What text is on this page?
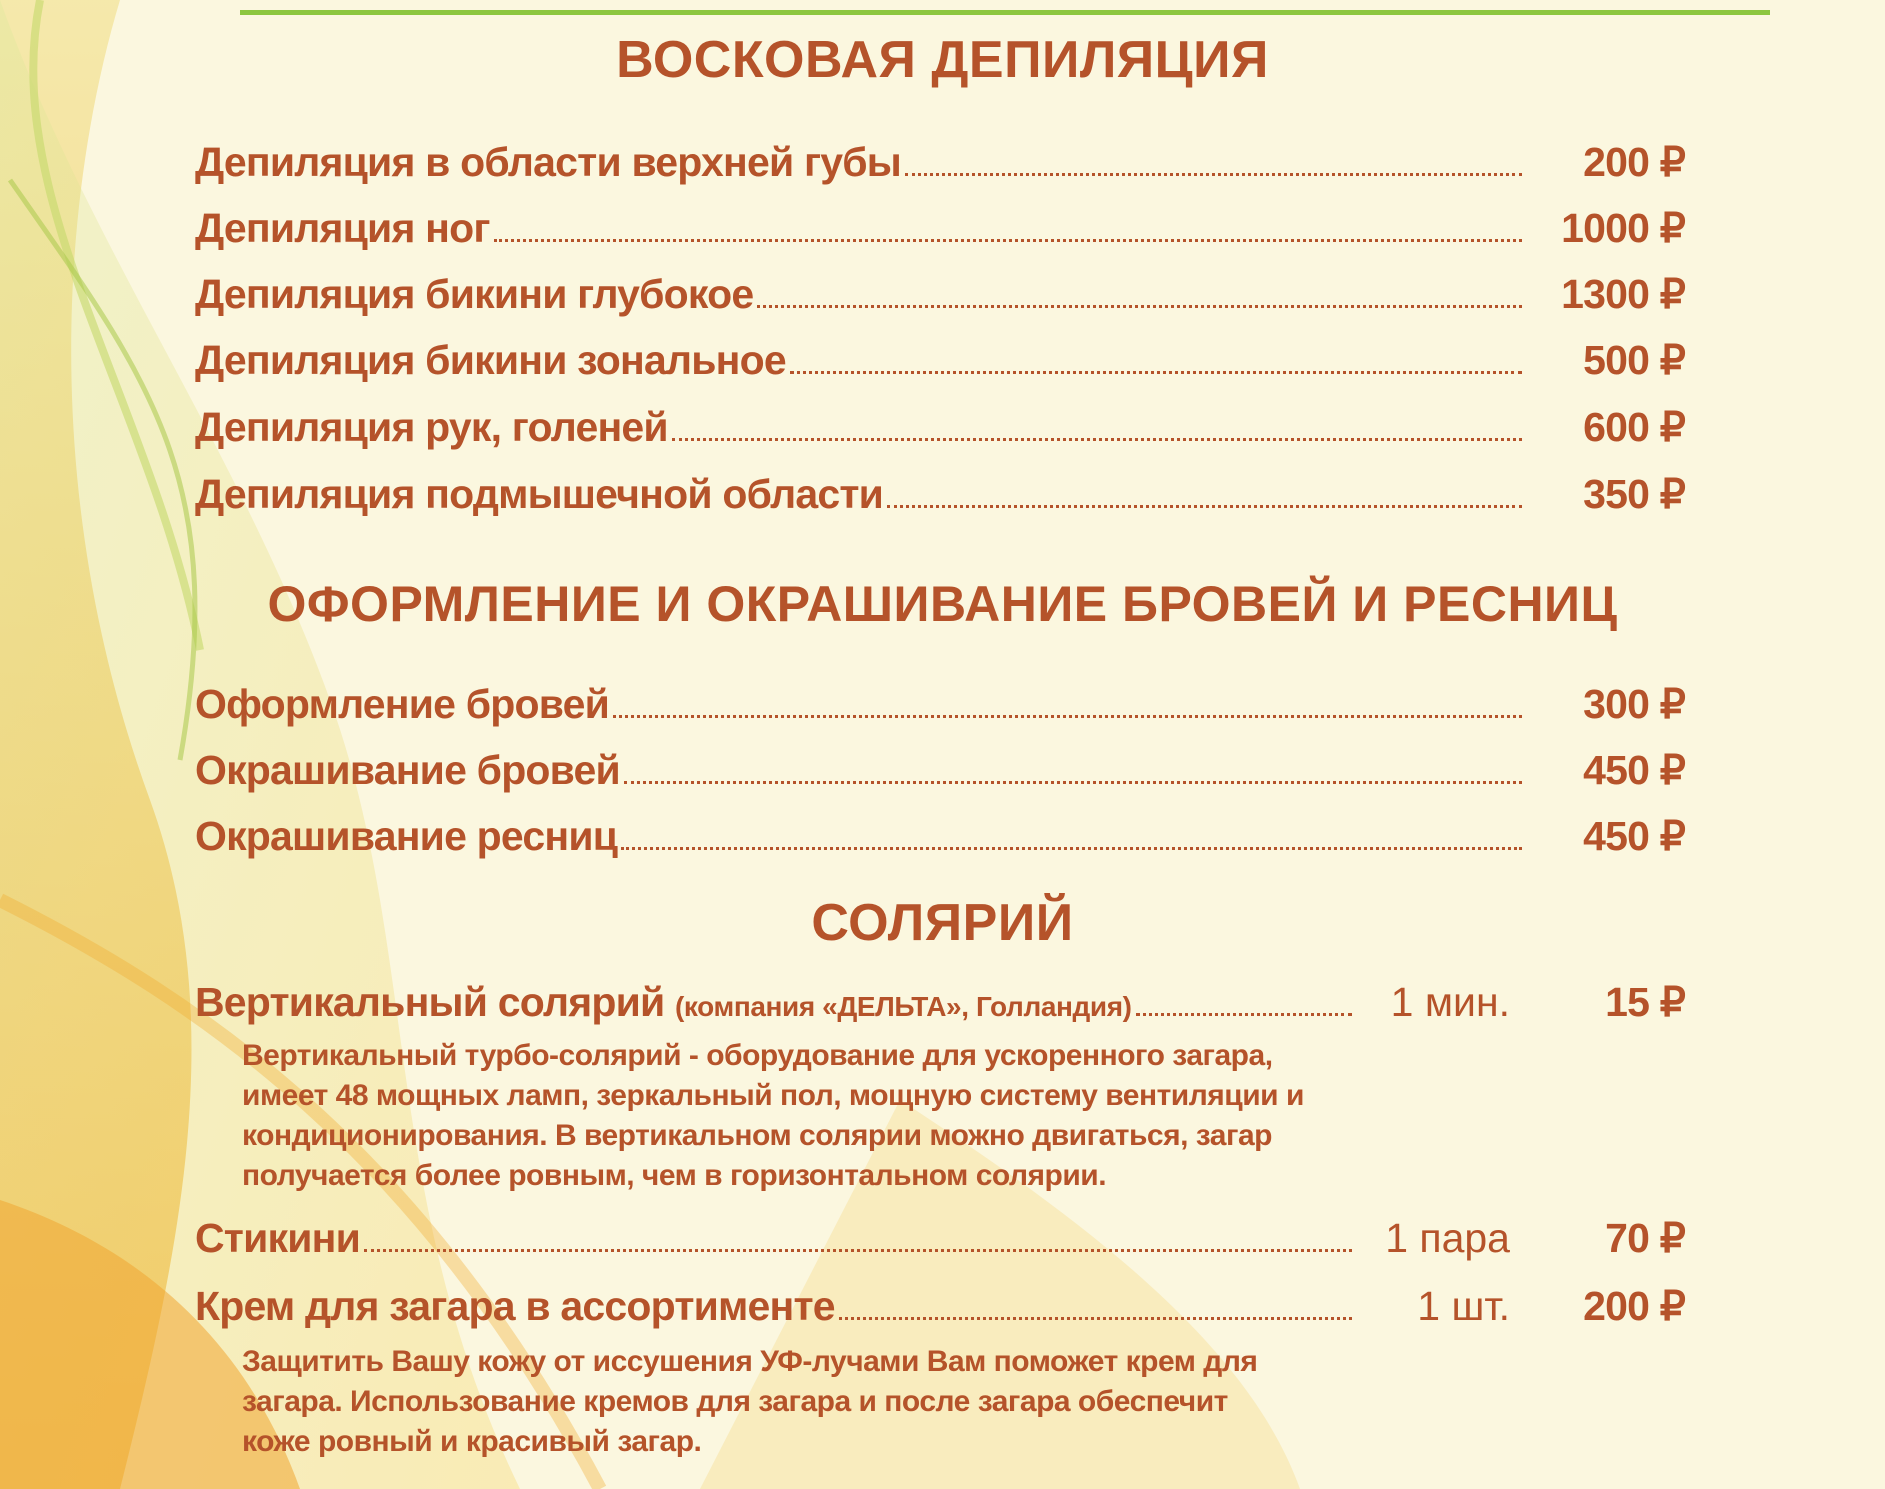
ВОСКОВАЯ ДЕПИЛЯЦИЯ
Депиляция в области верхней губы	200 ₽
Депиляция ног	1000 ₽
Депиляция бикини глубокое	1300 ₽
Депиляция бикини зональное	500 ₽
Депиляция рук, голеней	600 ₽
Депиляция подмышечной области	350 ₽
ОФОРМЛЕНИЕ И ОКРАШИВАНИЕ БРОВЕЙ И РЕСНИЦ
Оформление бровей	300 ₽
Окрашивание бровей	450 ₽
Окрашивание ресниц	450 ₽
СОЛЯРИЙ
Вертикальный солярий (компания «ДЕЛЬТА», Голландия)	1 мин.	15 ₽
Вертикальный турбо-солярий - оборудование для ускоренного загара,
имеет 48 мощных ламп, зеркальный пол, мощную систему вентиляции и
кондиционирования. В вертикальном солярии можно двигаться, загар
получается более ровным, чем в горизонтальном солярии.
Стикини	1 пара	70 ₽
Крем для загара в ассортименте	1 шт.	200 ₽
Защитить Вашу кожу от иссушения УФ-лучами Вам поможет крем для
загара. Использование кремов для загара и после загара обеспечит
коже ровный и красивый загар.
